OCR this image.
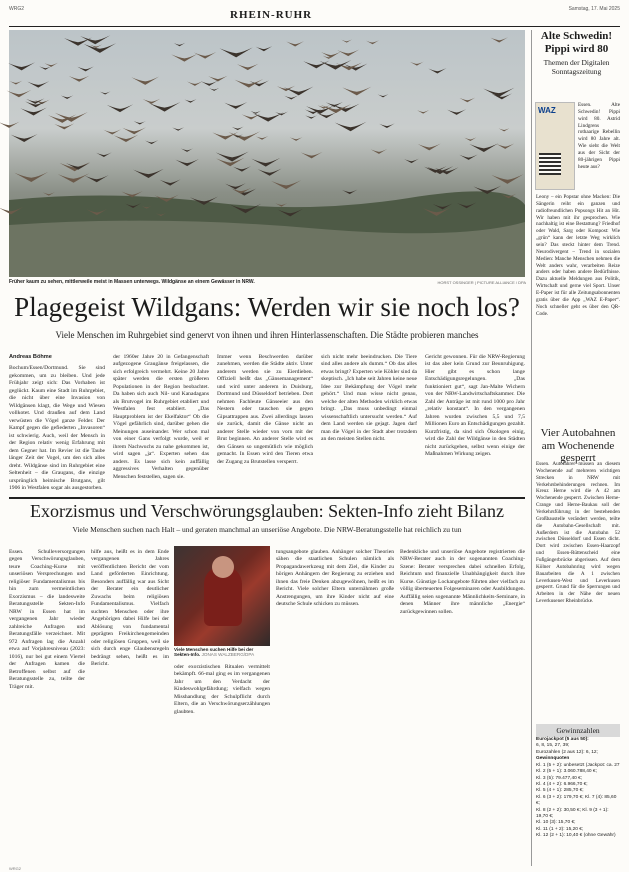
WRG2	RHEIN-RUHR	Samstag, 17. Mai 2025
Früher kaum zu sehen, mittlerweile meist in Massen unterwegs. Wildgänse an einem Gewässer in NRW.	HORST OSSINGER | PICTURE ALLIANCE / DPA
Plagegeist Wildgans: Werden wir sie noch los?
Viele Menschen im Ruhrgebiet sind genervt von ihnen und ihren Hinterlassenschaften. Die Städte probieren manches
Andreas Böhme
Bochum/Essen/Dortmund. Sie sind gekommen, um zu bleiben. Und jede Frühjahr zeigt sich: Das Vorhaben ist geglückt. Kaum eine Stadt im Ruhrgebiet, die nicht über eine Invasion von Wildgänsen klagt, die Wege und Wiesen vollkotet. Und draußen auf dem Land verwüsten die Vögel ganze Felder. Der Kampf gegen die gefiederten „Invasoren“ ist schwierig. Auch, weil der Mensch in der Region relativ wenig Erfahrung mit dem Gegner hat. Im Revier ist die Taube länger Zeit der Vogel, um den sich alles dreht. Wildgänse sind im Ruhrgebiet eine Seltenheit – die Graugans, die einzige ursprünglich heimische Brutgans, gilt 1906 in Westfalen sogar als ausgestorben.
der 1960er Jahre 20 in Gefangenschaft aufgezogene Graugänse freigelassen, die sich erfolgreich vermehrt. Keine 20 Jahre später werden die ersten größeren Populationen in der Region beobachtet. Da haben sich auch Nil- und Kanadagans als Brutvogel im Ruhrgebiet etabliert und Westfalen fest etabliert. „Das Hauptproblem ist der Ekelfaktor“ Ob die Vögel gefährlich sind, darüber gehen die Meinungen auseinander. Wer schon mal von einer Gans verfolgt wurde, weil er ihrem Nachwuchs zu nahe gekommen ist, wird sagen „ja“. Experten sehen das anders. Es lasse sich kein auffällig aggressives Verhalten gegenüber Menschen feststellen, sagen sie.
Immer wenn Beschwerden darüber zunehmen, werden die Städte aktiv. Unter anderem werden sie zu Eierdieben. Offiziell heißt das „Gänsemanagement“ und wird unter anderem in Duisburg, Dortmund und Düsseldorf betrieben. Dort nehmen Fachleute Gänseeier aus den Nestern oder tauschen sie gegen Gipsattrappen aus. Zwei allerdings lassen sie zurück, damit die Gänse nicht an anderer Stelle wieder von vorn mit der Brut beginnen. An anderer Stelle wird es den Gänsen so ungemütlich wie möglich gemacht. In Essen wird den Tieren etwa der Zugang zu Brutstellen versperrt.
sich nicht mehr beeindrucken. Die Tiere sind alles andere als dumm.“ Ob das alles etwas bringt? Experten wie Köhler sind da skeptisch. „Ich habe seit Jahren keine neue Idee zur Bekämpfung der Vögel mehr gehört.“ Und man wisse nicht genau, welche der alten Methoden wirklich etwas bringt. „Das muss unbedingt einmal wissenschaftlich untersucht werden.“ Auf dem Land werden sie gejagt. Jagen darf man die Vögel in der Stadt aber trotzdem an den meisten Stellen nicht.
Gericht gewonnen. Für die NRW-Regierung ist das aber kein Grund zur Beunruhigung. Hier gibt es schon lange Entschädigungsregelungen. „Das funktioniert gut“, sagt Jan-Malte Wichern von der NRW-Landwirtschaftskammer. Die Zahl der Anträge ist mit rund 1000 pro Jahr „relativ konstant“. In den vergangenen Jahren wurden zwischen 5,5 und 7,5 Millionen Euro an Entschädigungen gezahlt. Kurzfristig, da sind sich Ökologen einig, wird die Zahl der Wildgänse in den Städten nicht zurückgehen, selbst wenn einige der Maßnahmen Wirkung zeigen.
Exorzismus und Verschwörungsglauben: Sekten-Info zieht Bilanz
Viele Menschen suchen nach Halt – und geraten manchmal an unseriöse Angebote. Die NRW-Beratungsstelle hat reichlich zu tun
Essen. Schulleversorgungen gegen Verschwörungsglauben, teure Coaching-Kurse mit unseriösen Versprechungen und religiöser Fundamentalismus bis hin zum vermeintlichen Exorzismus – die landesweite Beratungsstelle Sekten-Info NRW in Essen hat im vergangenen Jahr wieder zahlreiche Anfragen und Beratungsfälle verzeichnet. Mit 972 Anfragen lag die Anzahl etwa auf Vorjahresniveau (2023: 1016), nur bei gut einem Viertel der Anfragen kamen die Betroffenen selbst auf die Beratungsstelle zu, teilte der Träger mit.
hilfe aus, heißt es in dem Ende vergangenen Jahres veröffentlichten Bericht der vom Land geförderten Einrichtung. Besonders auffällig war aus Sicht der Berater ein deutlicher Zuwachs beim religiösen Fundamentalismus. Vielfach suchten Menschen oder ihre Angehörigen dabei Hilfe bei der Ablösung von fundamental geprägten Freikirchengemeinden oder religiösen Gruppen, weil sie sich durch enge Glaubensregeln bedrängt sehen, heißt es im Bericht.
Viele Menschen suchen Hilfe bei der Sekten-Info. JONAS WALZBERG/DPA
oder exorzistischen Ritualen vermittelt bekämpft. 66-mal ging es im vergangenen Jahr um den Verdacht der Kindeswohlgefährdung; vielfach wegen Misshandlung der Schulpflicht durch Eltern, die an Verschwörungserzählungen glaubten.
tungsangebote glauben. Anhänger solcher Theorien sähen die staatlichen Schulen nämlich als Propagandawerkzeug mit dem Ziel, die Kinder zu hörigen Anhängern der Regierung zu erziehen und ihnen das freie Denken abzugewöhnen, heißt es im Bericht. Viele solcher Eltern unternähmen große Anstrengungen, um ihre Kinder nicht auf eine deutsche Schule schicken zu müssen.
Bedenkliche und unseriöse Angebote registrierten die NRW-Berater auch in der sogenannten Coaching-Szene: Berater versprechen dabei schnellen Erfolg, Reichtum und finanzielle Unabhängigkeit durch ihre Kurse. Günstige Lockangebote führten aber vielfach zu völlig überteuerten Folgeseminaren oder Ausbildungen. Auffällig seien sogenannte Männlichkeits-Seminare, in denen Männer ihre männliche „Energie“ zurückgewinnen sollen.
Alte Schwedin! Pippi wird 80
Themen der Digitalen Sonntagszeitung
WAZ
Essen. Alte Schwedin! Pippi wird 80. Astrid Lindgrens rothaarige Rebellin wird 80 Jahre alt. Wie sieht die Welt aus der Sicht der 80-jährigen Pippi heute aus?
Leony – ein Popstar ohne Macken: Die Sängerin reiht ein ganzen und radiofreundlichen Popsongs Hit an Hit. Wir haben mit ihr gesprochen. Wie nachhaltig ist eine Bestattung? Friedhof oder Wald, Sarg oder Kompost: Wie „grün“ kann der letzte Weg wirklich sein? Das steckt hinter dem Trend. Neurodivergent – Trend in sozialen Medien: Manche Menschen nehmen die Welt anders wahr, verarbeiten Reize anders oder haben andere Bedürfnisse. Dazu aktuelle Meldungen aus Politik, Wirtschaft und gerne viel Sport. Unser E-Paper ist für alle Zeitungsabonnenten gratis über die App „WAZ E-Paper“. Noch schneller geht es über den QR-Code.
Vier Autobahnen am Wochenende gesperrt
Essen. Autofahrer müssen an diesem Wochenende auf mehreren wichtigen Strecken in NRW mit Verkehrsbehinderungen rechnen. Im Kreuz Herne wird die A 42 am Wochenende gesperrt. Zwischen Herne-Crange und Herne-Baukau soll der Verkehrsführung in der bestehenden Großbaustelle verändert werden, teilte die Autobahn-Gesellschaft mit. Außerdem ist die Autobahn 52 zwischen Düsseldorf und Essen dicht. Dort wird zwischen Essen-Haarzopf und Essen-Rüttenscheid eine Fußgängerbrücke abgerissen. Auf dem Kölner Autobahnring wird wegen Bauarbeiten die A 1 zwischen Leverkusen-West und Leverkusen gesperrt. Grund für die Sperrungen und Arbeiten in der Nähe der neuen Leverkusener Rheinbrücke.
Gewinnzahlen
Eurojackpot (5 aus 50):
6, 8, 15, 27, 39;
Eurozahlen (2 aus 12): 6, 12;
Gewinnquoten
Kl. 1 (5 + 2): unbesetzt (Jackpot: ca. 27
Kl. 2 (5 + 1): 3.060.788,40 €;
Kl. 3 (5): 79.477,40 €;
Kl. 4 (4 + 2): 6.966,70 €;
Kl. 5 (4 + 1): 285,70 €;
Kl. 6 (3 + 2): 179,70 €; Kl. 7 (4): 85,60 €;
Kl. 8 (2 + 2): 30,50 €; Kl. 9 (3 + 1): 19,70 €;
Kl. 10 (3): 15,70 €;
Kl. 11 (1 + 2): 15,20 €;
Kl. 12 (2 + 1): 10,40 € (ohne Gewähr)
WRG2
